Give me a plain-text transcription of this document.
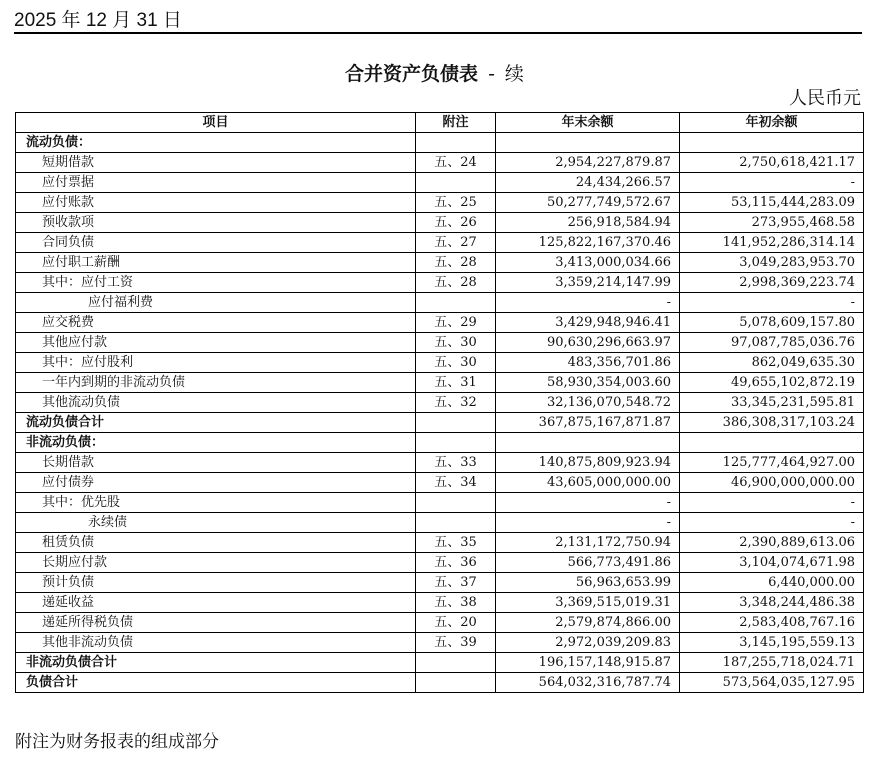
2025 年 12 月 31 日
合并资产负债表 - 续
人民币元
项目	附注	年末余额	年初余额
流动负债：			
短期借款	五、24	2,954,227,879.87	2,750,618,421.17
应付票据		24,434,266.57	-
应付账款	五、25	50,277,749,572.67	53,115,444,283.09
预收款项	五、26	256,918,584.94	273,955,468.58
合同负债	五、27	125,822,167,370.46	141,952,286,314.14
应付职工薪酬	五、28	3,413,000,034.66	3,049,283,953.70
其中：应付工资	五、28	3,359,214,147.99	2,998,369,223.74
应付福利费		-	-
应交税费	五、29	3,429,948,946.41	5,078,609,157.80
其他应付款	五、30	90,630,296,663.97	97,087,785,036.76
其中：应付股利	五、30	483,356,701.86	862,049,635.30
一年内到期的非流动负债	五、31	58,930,354,003.60	49,655,102,872.19
其他流动负债	五、32	32,136,070,548.72	33,345,231,595.81
流动负债合计		367,875,167,871.87	386,308,317,103.24
非流动负债：			
长期借款	五、33	140,875,809,923.94	125,777,464,927.00
应付债券	五、34	43,605,000,000.00	46,900,000,000.00
其中：优先股		-	-
永续债		-	-
租赁负债	五、35	2,131,172,750.94	2,390,889,613.06
长期应付款	五、36	566,773,491.86	3,104,074,671.98
预计负债	五、37	56,963,653.99	6,440,000.00
递延收益	五、38	3,369,515,019.31	3,348,244,486.38
递延所得税负债	五、20	2,579,874,866.00	2,583,408,767.16
其他非流动负债	五、39	2,972,039,209.83	3,145,195,559.13
非流动负债合计		196,157,148,915.87	187,255,718,024.71
负债合计		564,032,316,787.74	573,564,035,127.95
附注为财务报表的组成部分
